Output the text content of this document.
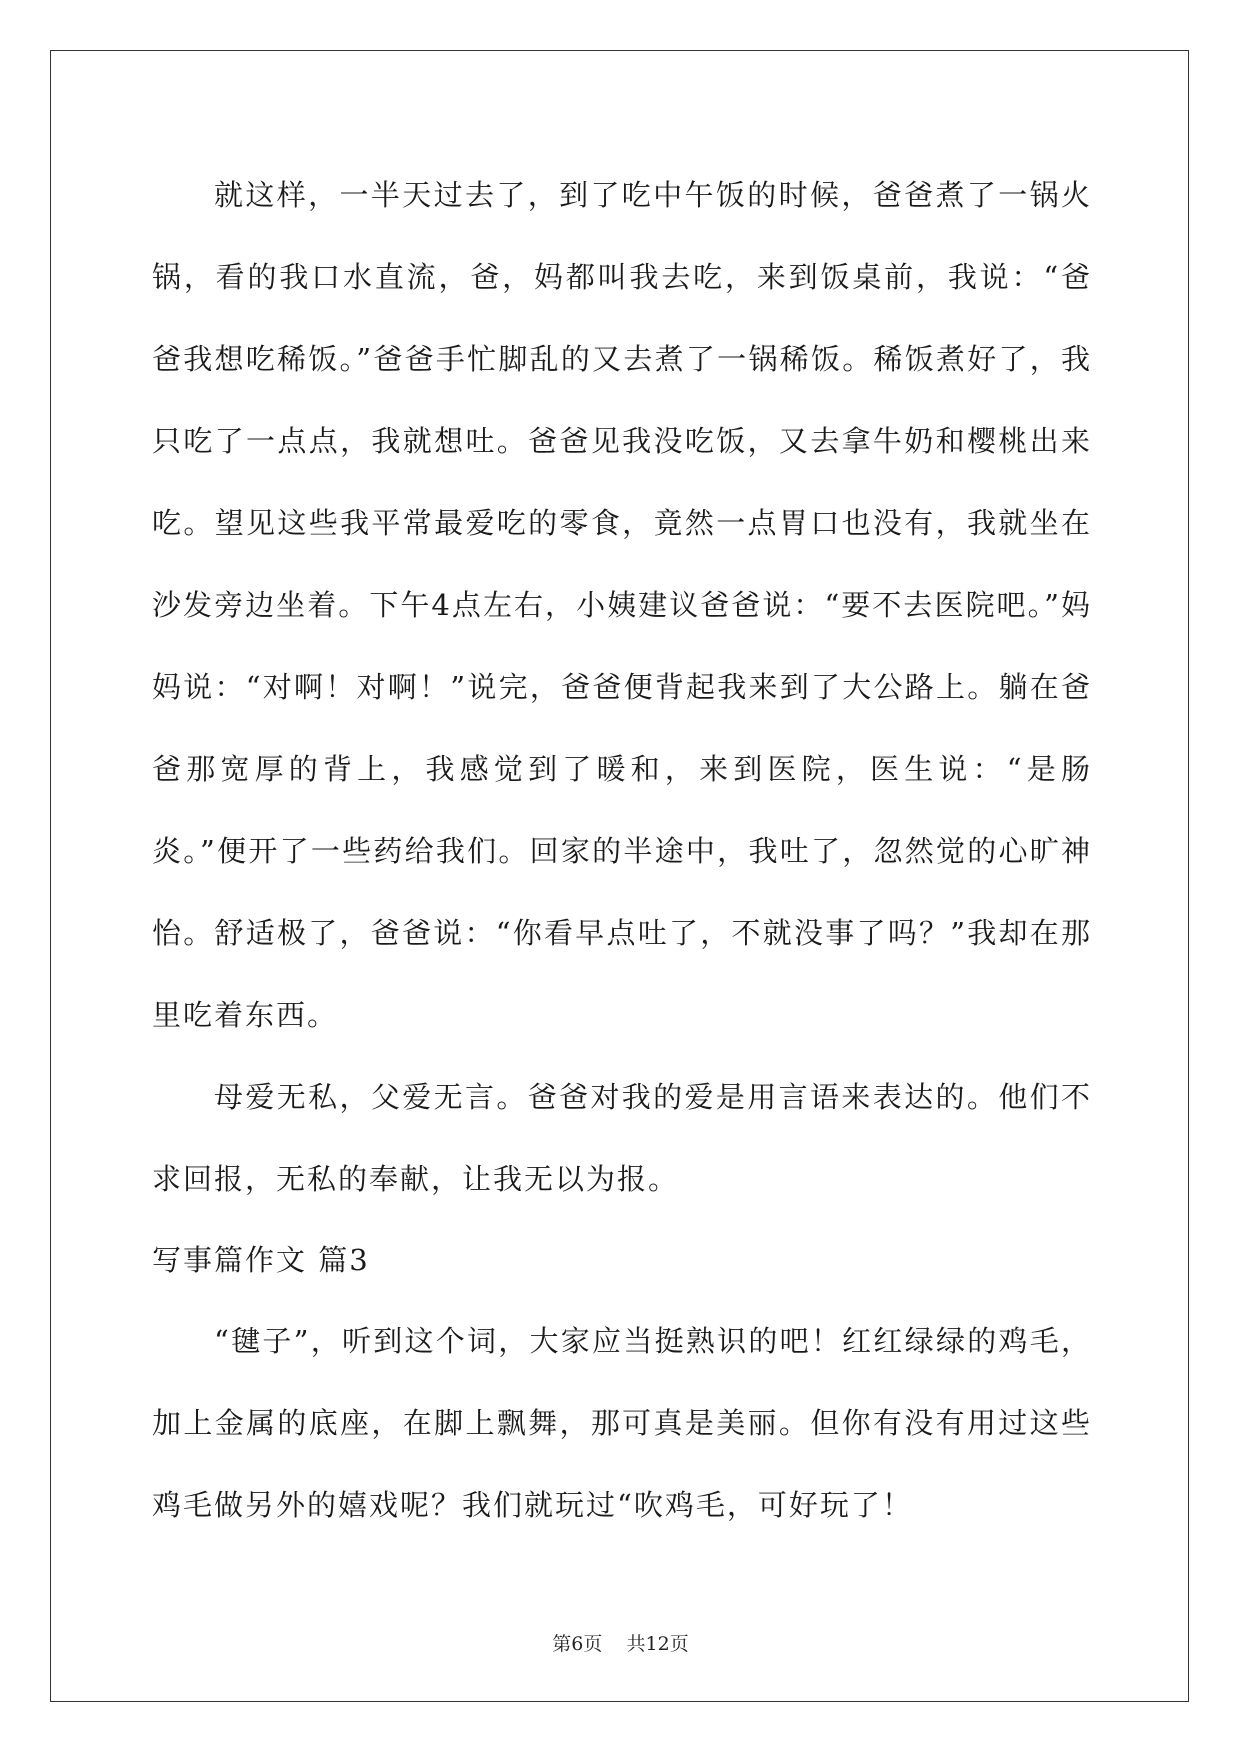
就这样，一半天过去了，到了吃中午饭的时候，爸爸煮了一锅火锅，看的我口水直流，爸，妈都叫我去吃，来到饭桌前，我说：“爸爸我想吃稀饭。”爸爸手忙脚乱的又去煮了一锅稀饭。稀饭煮好了，我只吃了一点点，我就想吐。爸爸见我没吃饭，又去拿牛奶和樱桃出来吃。望见这些我平常最爱吃的零食，竟然一点胃口也没有，我就坐在沙发旁边坐着。下午4点左右，小姨建议爸爸说：“要不去医院吧。”妈妈说：“对啊！对啊！”说完，爸爸便背起我来到了大公路上。躺在爸爸那宽厚的背上，我感觉到了暖和，来到医院，医生说：“是肠炎。”便开了一些药给我们。回家的半途中，我吐了，忽然觉的心旷神怡。舒适极了，爸爸说：“你看早点吐了，不就没事了吗？”我却在那里吃着东西。

母爱无私，父爱无言。爸爸对我的爱是用言语来表达的。他们不求回报，无私的奉献，让我无以为报。

写事篇作文 篇3

“毽子”，听到这个词，大家应当挺熟识的吧！红红绿绿的鸡毛，加上金属的底座，在脚上飘舞，那可真是美丽。但你有没有用过这些鸡毛做另外的嬉戏呢？我们就玩过“吹鸡毛，可好玩了！

第6页    共12页
